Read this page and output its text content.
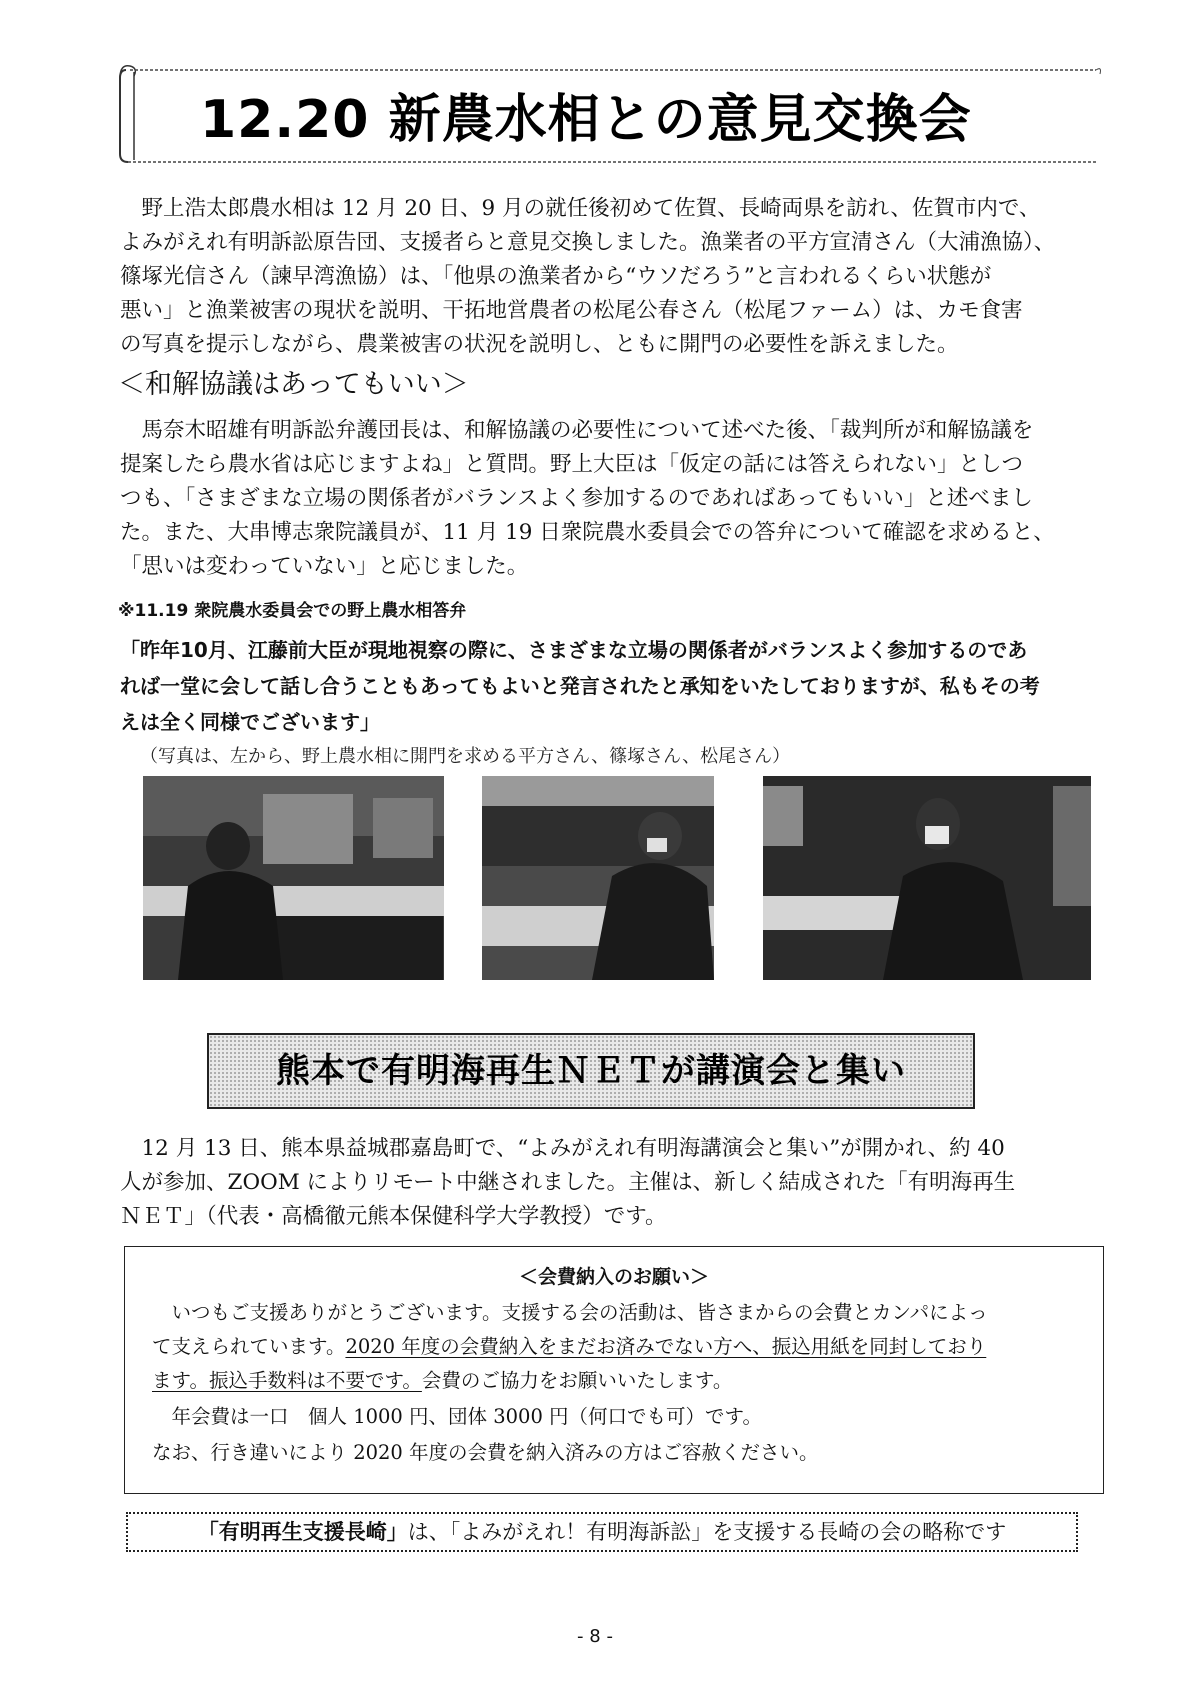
12.20 新農水相との意見交換会
　野上浩太郎農水相は 12 月 20 日、9 月の就任後初めて佐賀、長崎両県を訪れ、佐賀市内で、
よみがえれ有明訴訟原告団、支援者らと意見交換しました。漁業者の平方宣清さん（大浦漁協）、
篠塚光信さん（諫早湾漁協）は、「他県の漁業者から“ウソだろう”と言われるくらい状態が
悪い」と漁業被害の現状を説明、干拓地営農者の松尾公春さん（松尾ファーム）は、カモ食害
の写真を提示しながら、農業被害の状況を説明し、ともに開門の必要性を訴えました。
＜和解協議はあってもいい＞
　馬奈木昭雄有明訴訟弁護団長は、和解協議の必要性について述べた後、「裁判所が和解協議を
提案したら農水省は応じますよね」と質問。野上大臣は「仮定の話には答えられない」としつ
つも、「さまざまな立場の関係者がバランスよく参加するのであればあってもいい」と述べまし
た。また、大串博志衆院議員が、11 月 19 日衆院農水委員会での答弁について確認を求めると、
「思いは変わっていない」と応じました。
※11.19 衆院農水委員会での野上農水相答弁
「昨年10月、江藤前大臣が現地視察の際に、さまざまな立場の関係者がバランスよく参加するのであ
れば一堂に会して話し合うこともあってもよいと発言されたと承知をいたしておりますが、私もその考
えは全く同様でございます」
（写真は、左から、野上農水相に開門を求める平方さん、篠塚さん、松尾さん）
熊本で有明海再生ＮＥＴが講演会と集い
　12 月 13 日、熊本県益城郡嘉島町で、“よみがえれ有明海講演会と集い”が開かれ、約 40
人が参加、ZOOM によりリモート中継されました。主催は、新しく結成された「有明海再生
ＮＥＴ」（代表・高橋徹元熊本保健科学大学教授）です。
＜会費納入のお願い＞
　いつもご支援ありがとうございます。支援する会の活動は、皆さまからの会費とカンパによっ
て支えられています。2020 年度の会費納入をまだお済みでない方へ、振込用紙を同封しており
ます。振込手数料は不要です。会費のご協力をお願いいたします。
　年会費は一口　個人 1000 円、団体 3000 円（何口でも可）です。
なお、行き違いにより 2020 年度の会費を納入済みの方はご容赦ください。
「有明再生支援長崎」は、「よみがえれ！有明海訴訟」を支援する長崎の会の略称です
- 8 -
